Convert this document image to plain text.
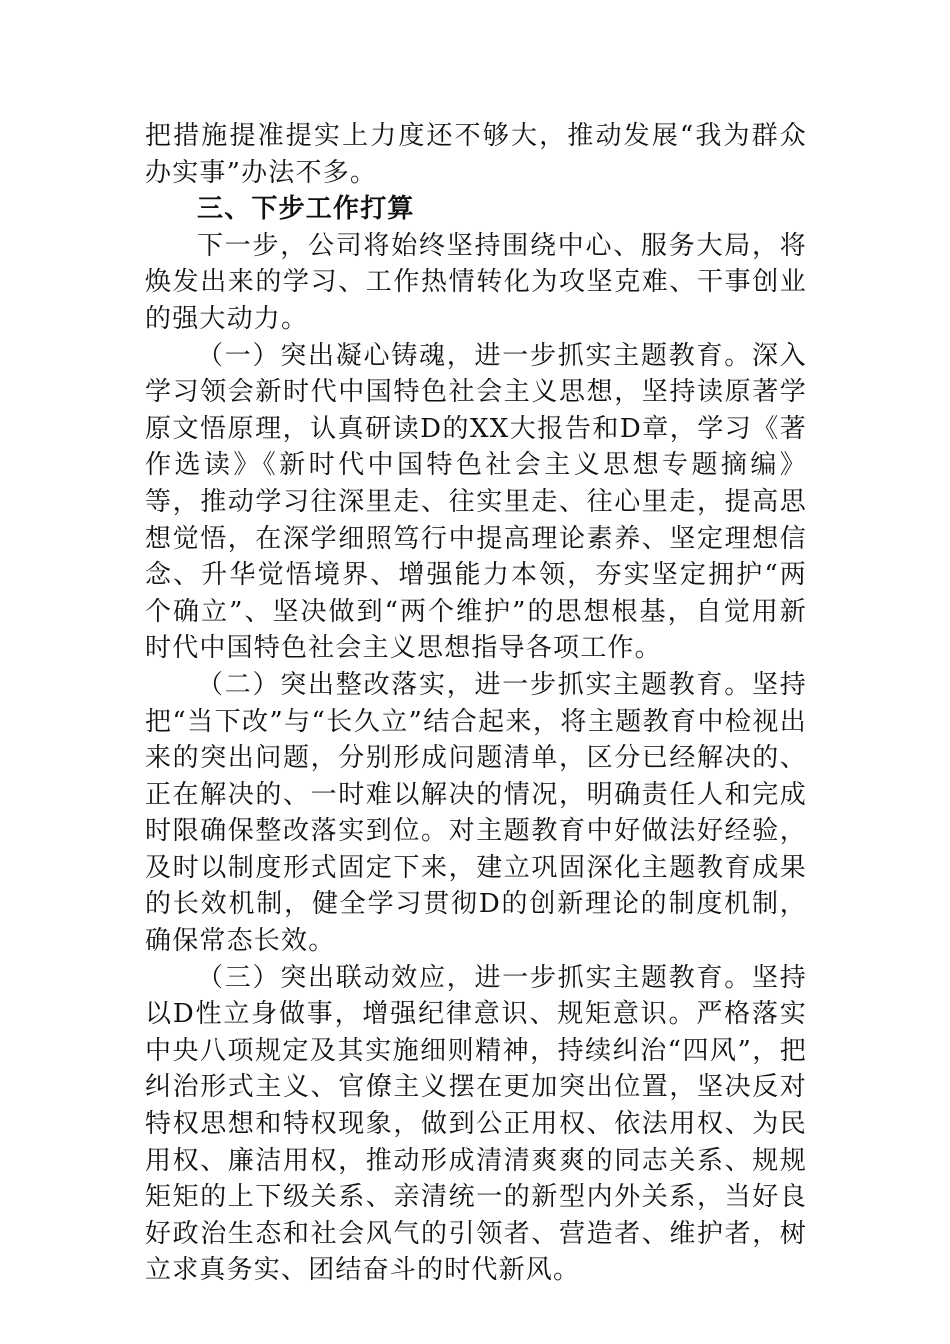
把措施提准提实上力度还不够大，推动发展“我为群众办实事”办法不多。

三、下步工作打算

下一步，公司将始终坚持围绕中心、服务大局，将焕发出来的学习、工作热情转化为攻坚克难、干事创业的强大动力。

（一）突出凝心铸魂，进一步抓实主题教育。深入学习领会新时代中国特色社会主义思想，坚持读原著学原文悟原理，认真研读D的XX大报告和D章，学习《著作选读》《新时代中国特色社会主义思想专题摘编》等，推动学习往深里走、往实里走、往心里走，提高思想觉悟，在深学细照笃行中提高理论素养、坚定理想信念、升华觉悟境界、增强能力本领，夯实坚定拥护“两个确立”、坚决做到“两个维护”的思想根基，自觉用新时代中国特色社会主义思想指导各项工作。

（二）突出整改落实，进一步抓实主题教育。坚持把“当下改”与“长久立”结合起来，将主题教育中检视出来的突出问题，分别形成问题清单，区分已经解决的、正在解决的、一时难以解决的情况，明确责任人和完成时限确保整改落实到位。对主题教育中好做法好经验，及时以制度形式固定下来，建立巩固深化主题教育成果的长效机制，健全学习贯彻D的创新理论的制度机制，确保常态长效。

（三）突出联动效应，进一步抓实主题教育。坚持以D性立身做事，增强纪律意识、规矩意识。严格落实中央八项规定及其实施细则精神，持续纠治“四风”，把纠治形式主义、官僚主义摆在更加突出位置，坚决反对特权思想和特权现象，做到公正用权、依法用权、为民用权、廉洁用权，推动形成清清爽爽的同志关系、规规矩矩的上下级关系、亲清统一的新型内外关系，当好良好政治生态和社会风气的引领者、营造者、维护者，树立求真务实、团结奋斗的时代新风。
